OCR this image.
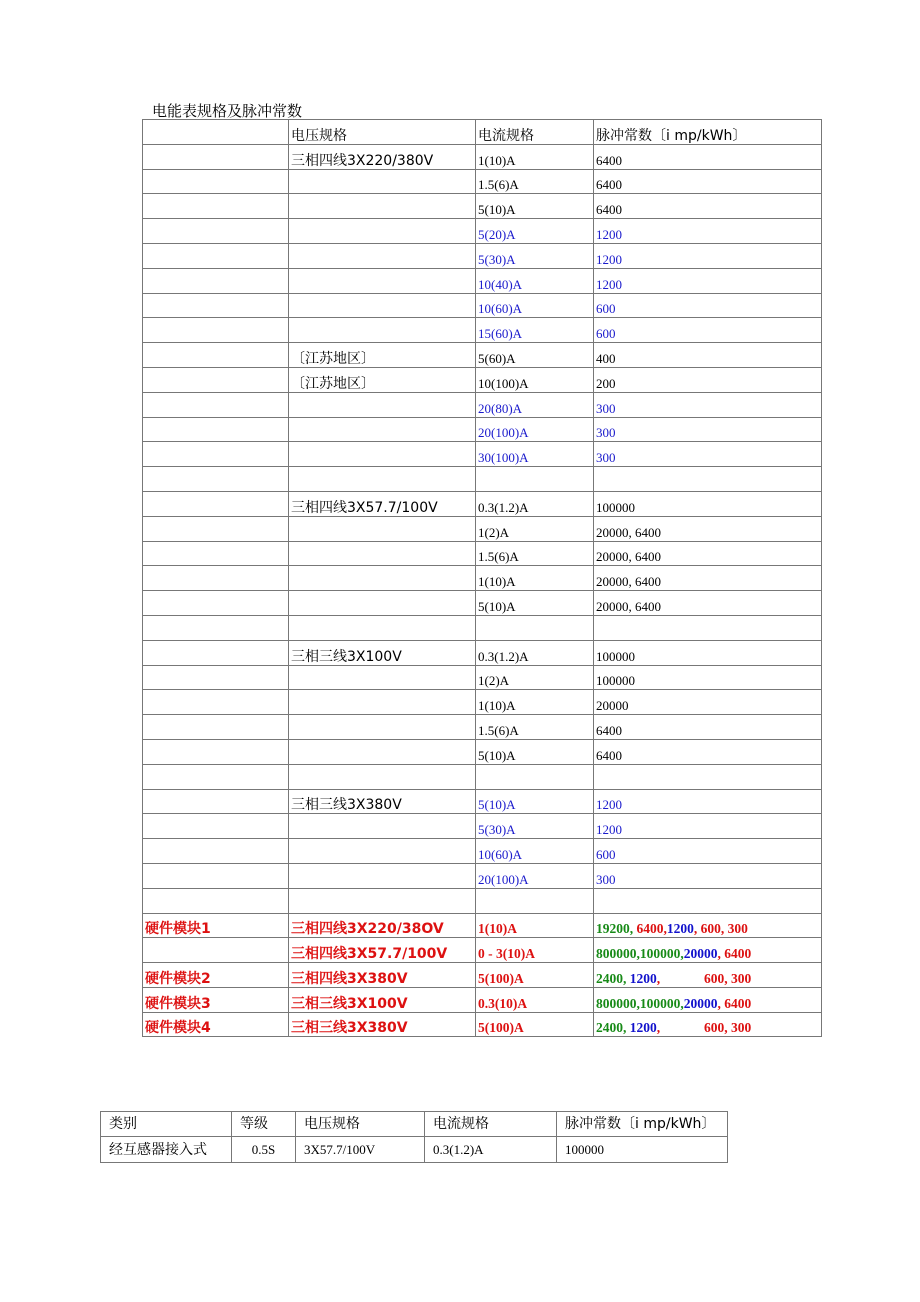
电能表规格及脉冲常数
	电压规格	电流规格	脉冲常数〔i mp/kWh〕
	三相四线3X220/380V	1(10)A	6400
		1.5(6)A	6400
		5(10)A	6400
		5(20)A	1200
		5(30)A	1200
		10(40)A	1200
		10(60)A	600
		15(60)A	600
	〔江苏地区〕	5(60)A	400
	〔江苏地区〕	10(100)A	200
		20(80)A	300
		20(100)A	300
		30(100)A	300

	三相四线3X57.7/100V	0.3(1.2)A	100000
		1(2)A	20000, 6400
		1.5(6)A	20000, 6400
		1(10)A	20000, 6400
		5(10)A	20000, 6400

	三相三线3X100V	0.3(1.2)A	100000
		1(2)A	100000
		1(10)A	20000
		1.5(6)A	6400
		5(10)A	6400

	三相三线3X380V	5(10)A	1200
		5(30)A	1200
		10(60)A	600
		20(100)A	300

硬件模块1	三相四线3X220/38OV	1(10)A	19200, 6400,1200, 600, 300
	三相四线3X57.7/100V	0 - 3(10)A	800000,100000,20000, 6400
硬件模块2	三相四线3X380V	5(100)A	2400, 1200,             600, 300
硬件模块3	三相三线3X100V	0.3(10)A	800000,100000,20000, 6400
硬件模块4	三相三线3X380V	5(100)A	2400, 1200,             600, 300
类别	等级	电压规格	电流规格	脉冲常数〔i mp/kWh〕
经互感器接入式	0.5S	3X57.7/100V	0.3(1.2)A	100000
